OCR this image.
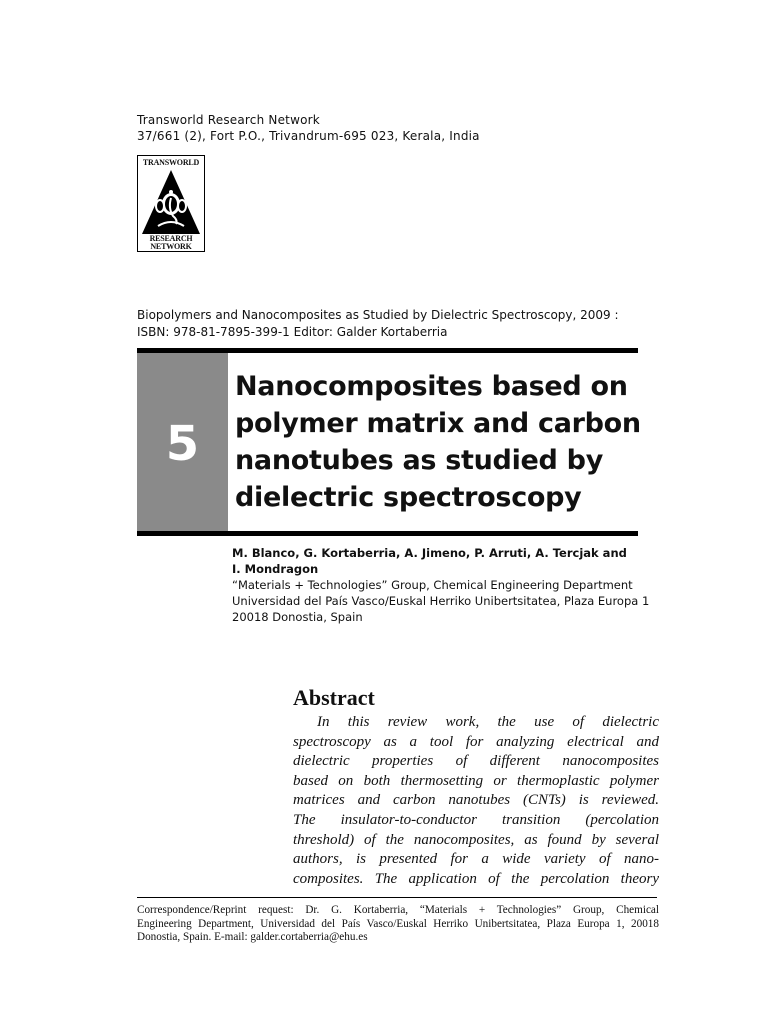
Transworld Research Network
37/661 (2), Fort P.O., Trivandrum-695 023, Kerala, India
TRANSWORLD
RESEARCH
NETWORK
Biopolymers and Nanocomposites as Studied by Dielectric Spectroscopy, 2009 :
ISBN: 978-81-7895-399-1 Editor: Galder Kortaberria
5
Nanocomposites based on
polymer matrix and carbon
nanotubes as studied by
dielectric spectroscopy
M. Blanco, G. Kortaberria, A. Jimeno, P. Arruti, A. Tercjak and
I. Mondragon
“Materials + Technologies” Group, Chemical Engineering Department
Universidad del País Vasco/Euskal Herriko Unibertsitatea, Plaza Europa 1
20018 Donostia, Spain
Abstract
In this review work, the use of dielectric
spectroscopy as a tool for analyzing electrical and
dielectric properties of different nanocomposites
based on both thermosetting or thermoplastic polymer
matrices and carbon nanotubes (CNTs) is reviewed.
The insulator-to-conductor transition (percolation
threshold) of the nanocomposites, as found by several
authors, is presented for a wide variety of nano-
composites. The application of the percolation theory
Correspondence/Reprint request: Dr. G. Kortaberria, “Materials + Technologies” Group, Chemical
Engineering Department, Universidad del País Vasco/Euskal Herriko Unibertsitatea, Plaza Europa 1, 20018
Donostia, Spain. E-mail: galder.cortaberria@ehu.es
